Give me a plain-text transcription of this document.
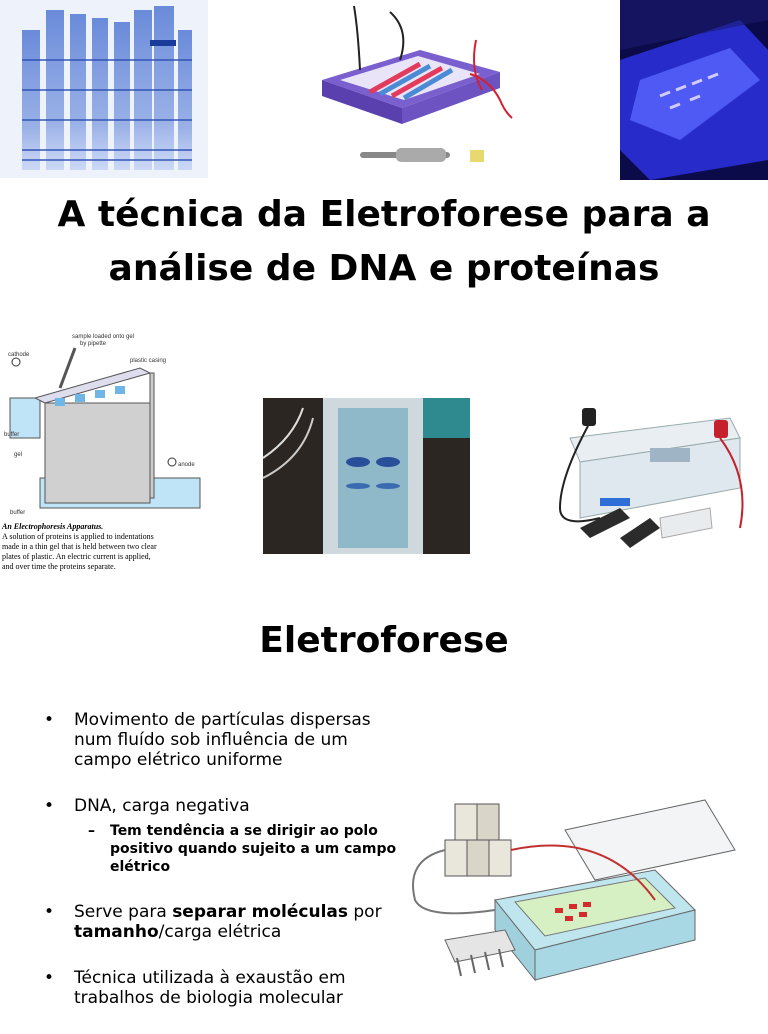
A técnica da Eletroforese para a
análise de DNA e proteínas
sample loaded onto gel
by pipette
cathode
plastic casing
buffer
gel
anode
buffer
An Electrophoresis Apparatus.
A solution of proteins is applied to indentations
made in a thin gel that is held between two clear
plates of plastic. An electric current is applied,
and over time the proteins separate.
Eletroforese
• Movimento de partículas dispersas num fluído sob influência de um campo elétrico uniforme
• DNA, carga negativa
– Tem tendência a se dirigir ao polo positivo quando sujeito a um campo elétrico
• Serve para separar moléculas por tamanho/carga elétrica
• Técnica utilizada à exaustão em trabalhos de biologia molecular
